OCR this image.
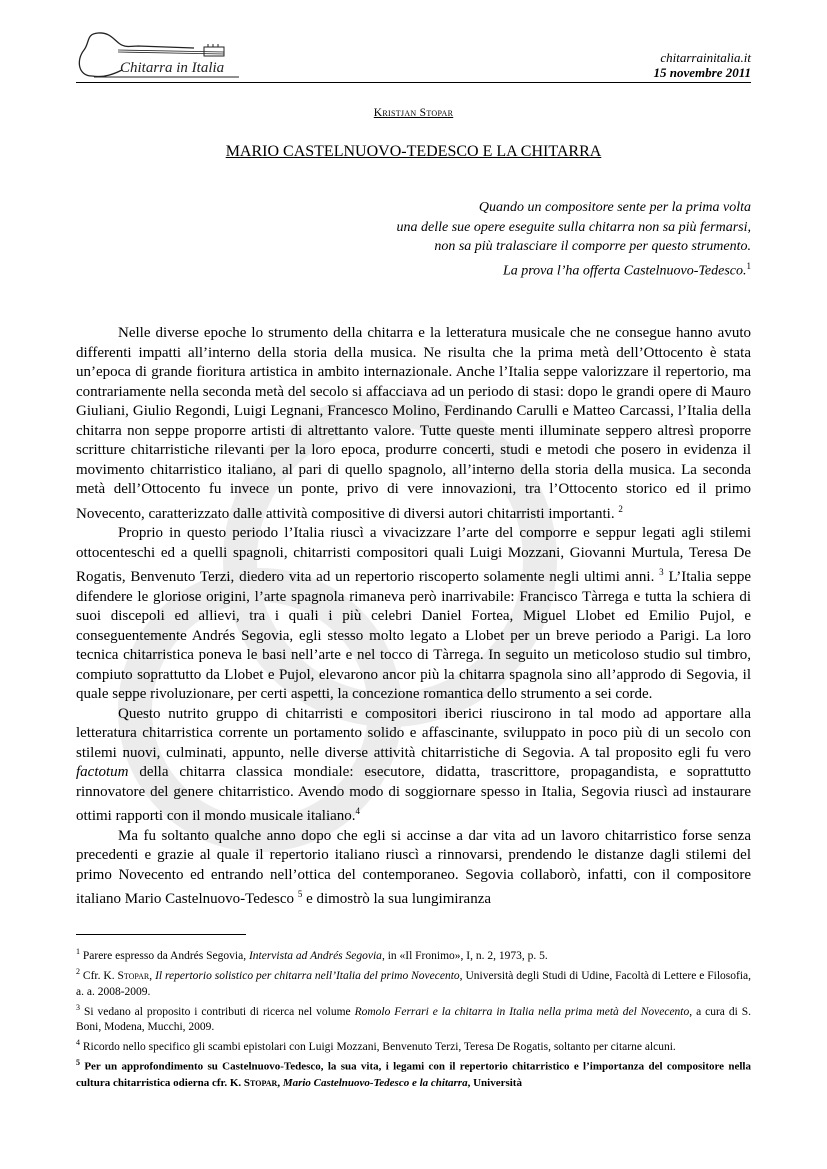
Chitarra in Italia
chitarrainitalia.it
15 novembre 2011
Kristjan Stopar
MARIO CASTELNUOVO-TEDESCO E LA CHITARRA
Quando un compositore sente per la prima volta
una delle sue opere eseguite sulla chitarra non sa più fermarsi,
non sa più tralasciare il comporre per questo strumento.
La prova l’ha offerta Castelnuovo-Tedesco.$^1$

Nelle diverse epoche lo strumento della chitarra e la letteratura musicale che ne consegue hanno avuto differenti impatti all’interno della storia della musica. Ne risulta che la prima metà dell’Ottocento è stata un’epoca di grande fioritura artistica in ambito internazionale. Anche l’Italia seppe valorizzare il repertorio, ma contrariamente nella seconda metà del secolo si affacciava ad un periodo di stasi: dopo le grandi opere di Mauro Giuliani, Giulio Regondi, Luigi Legnani, Francesco Molino, Ferdinando Carulli e Matteo Carcassi, l’Italia della chitarra non seppe proporre artisti di altrettanto valore. Tutte queste menti illuminate seppero altresì proporre scritture chitarristiche rilevanti per la loro epoca, produrre concerti, studi e metodi che posero in evidenza il movimento chitarristico italiano, al pari di quello spagnolo, all’interno della storia della musica. La seconda metà dell’Ottocento fu invece un ponte, privo di vere innovazioni, tra l’Ottocento storico ed il primo Novecento, caratterizzato dalle attività compositive di diversi autori chitarristi importanti. $^2$

Proprio in questo periodo l’Italia riuscì a vivacizzare l’arte del comporre e seppur legati agli stilemi ottocenteschi ed a quelli spagnoli, chitarristi compositori quali Luigi Mozzani, Giovanni Murtula, Teresa De Rogatis, Benvenuto Terzi, diedero vita ad un repertorio riscoperto solamente negli ultimi anni. $^3$ L’Italia seppe difendere le gloriose origini, l’arte spagnola rimaneva però inarrivabile: Francisco Tàrrega e tutta la schiera di suoi discepoli ed allievi, tra i quali i più celebri Daniel Fortea, Miguel Llobet ed Emilio Pujol, e conseguentemente Andrés Segovia, egli stesso molto legato a Llobet per un breve periodo a Parigi. La loro tecnica chitarristica poneva le basi nell’arte e nel tocco di Tàrrega. In seguito un meticoloso studio sul timbro, compiuto soprattutto da Llobet e Pujol, elevarono ancor più la chitarra spagnola sino all’approdo di Segovia, il quale seppe rivoluzionare, per certi aspetti, la concezione romantica dello strumento a sei corde.

Questo nutrito gruppo di chitarristi e compositori iberici riuscirono in tal modo ad apportare alla letteratura chitarristica corrente un portamento solido e affascinante, sviluppato in poco più di un secolo con stilemi nuovi, culminati, appunto, nelle diverse attività chitarristiche di Segovia. A tal proposito egli fu vero factotum della chitarra classica mondiale: esecutore, didatta, trascrittore, propagandista, e soprattutto rinnovatore del genere chitarristico. Avendo modo di soggiornare spesso in Italia, Segovia riuscì ad instaurare ottimi rapporti con il mondo musicale italiano.$^4$

Ma fu soltanto qualche anno dopo che egli si accinse a dar vita ad un lavoro chitarristico forse senza precedenti e grazie al quale il repertorio italiano riuscì a rinnovarsi, prendendo le distanze dagli stilemi del primo Novecento ed entrando nell’ottica del contemporaneo. Segovia collaborò, infatti, con il compositore italiano Mario Castelnuovo-Tedesco $^5$ e dimostrò la sua lungimiranza

$^1$ Parere espresso da Andrés Segovia, Intervista ad Andrés Segovia, in «Il Fronimo», I, n. 2, 1973, p. 5.

$^2$ Cfr. K. Stopar, Il repertorio solistico per chitarra nell’Italia del primo Novecento, Università degli Studi di Udine, Facoltà di Lettere e Filosofia, a. a. 2008-2009.

$^3$ Si vedano al proposito i contributi di ricerca nel volume Romolo Ferrari e la chitarra in Italia nella prima metà del Novecento, a cura di S. Boni, Modena, Mucchi, 2009.

$^4$ Ricordo nello specifico gli scambi epistolari con Luigi Mozzani, Benvenuto Terzi, Teresa De Rogatis, soltanto per citarne alcuni.

$^5$ Per un approfondimento su Castelnuovo-Tedesco, la sua vita, i legami con il repertorio chitarristico e l’importanza del compositore nella cultura chitarristica odierna cfr. K. Stopar, Mario Castelnuovo-Tedesco e la chitarra, Università
